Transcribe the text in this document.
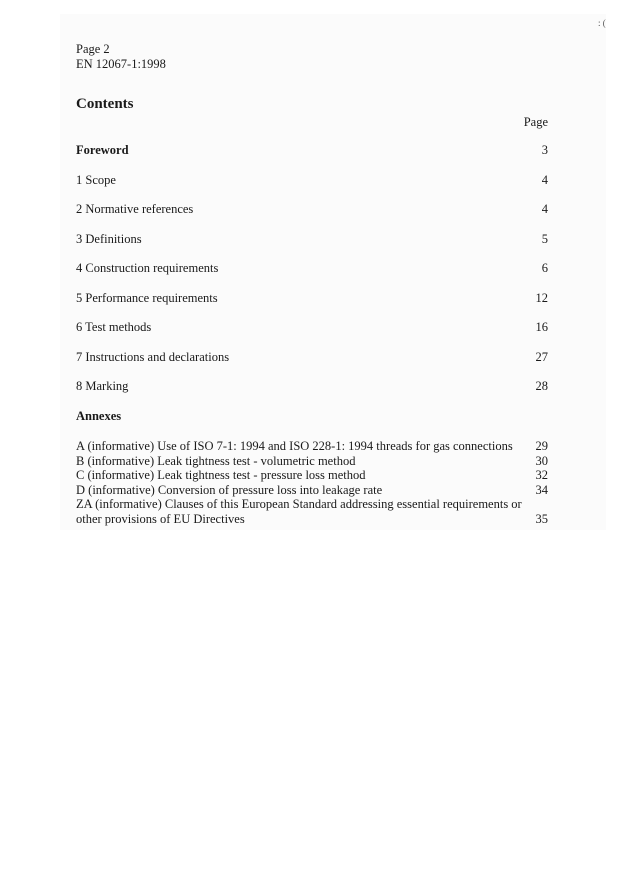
: (
Page 2
EN 12067-1:1998
Contents
Page
Foreword	3
1 Scope	4
2 Normative references	4
3 Definitions	5
4 Construction requirements	6
5 Performance requirements	12
6 Test methods	16
7 Instructions and declarations	27
8 Marking	28
Annexes
A (informative) Use of ISO 7-1: 1994 and ISO 228-1: 1994 threads for gas connections 29
B (informative) Leak tightness test - volumetric method	30
C (informative) Leak tightness test - pressure loss method	32
D (informative) Conversion of pressure loss into leakage rate	34
ZA (informative) Clauses of this European Standard addressing essential requirements or
other provisions of EU Directives	35
